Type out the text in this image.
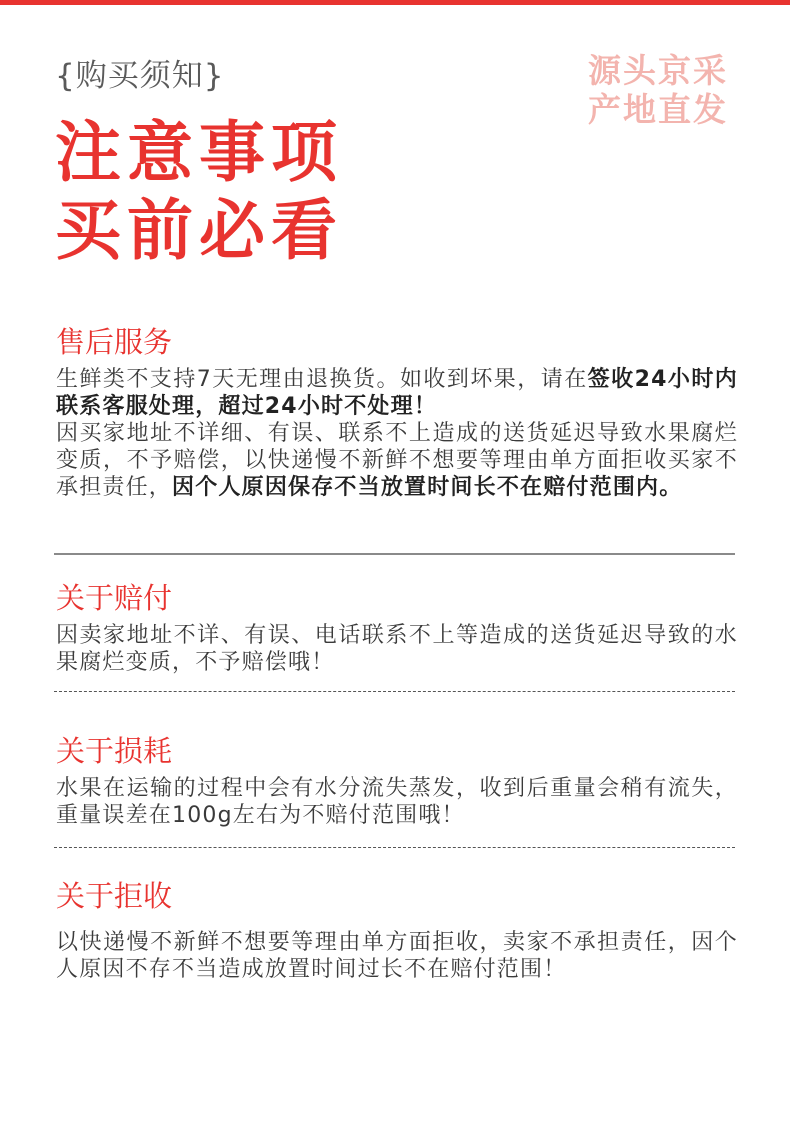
{购买须知}	源头京采
产地直发
注意事项
买前必看
售后服务
生鲜类不支持7天无理由退换货。如收到坏果，请在签收24小时内联系客服处理，超过24小时不处理！
因买家地址不详细、有误、联系不上造成的送货延迟导致水果腐烂变质，不予赔偿，以快递慢不新鲜不想要等理由单方面拒收买家不承担责任，因个人原因保存不当放置时间长不在赔付范围内。
关于赔付
因卖家地址不详、有误、电话联系不上等造成的送货延迟导致的水果腐烂变质，不予赔偿哦！
关于损耗
水果在运输的过程中会有水分流失蒸发，收到后重量会稍有流失，重量误差在100g左右为不赔付范围哦！
关于拒收
以快递慢不新鲜不想要等理由单方面拒收，卖家不承担责任，因个人原因不存不当造成放置时间过长不在赔付范围！
